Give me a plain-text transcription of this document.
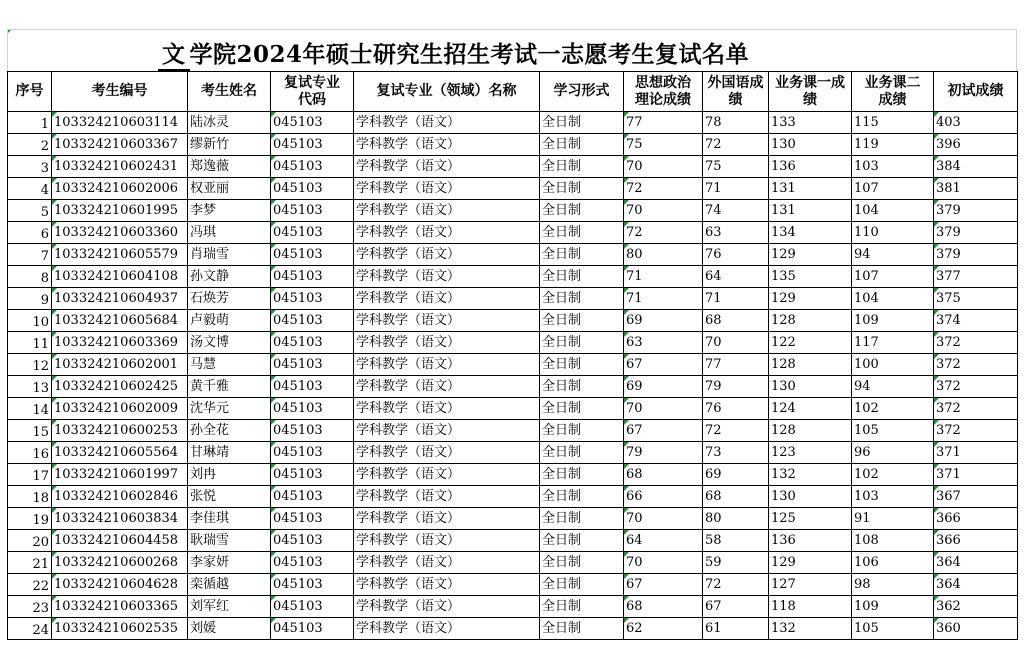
文 学院2024年硕士研究生招生考试一志愿考生复试名单
序号	考生编号	考生姓名	复试专业代码	复试专业（领域）名称	学习形式	思想政治理论成绩	外国语成绩	业务课一成绩	业务课二成绩	初试成绩
1	103324210603114	陆冰灵	045103	学科教学（语文）	全日制	77	78	133	115	403
2	103324210603367	缪新竹	045103	学科教学（语文）	全日制	75	72	130	119	396
3	103324210602431	郑逸薇	045103	学科教学（语文）	全日制	70	75	136	103	384
4	103324210602006	权亚丽	045103	学科教学（语文）	全日制	72	71	131	107	381
5	103324210601995	李梦	045103	学科教学（语文）	全日制	70	74	131	104	379
6	103324210603360	冯琪	045103	学科教学（语文）	全日制	72	63	134	110	379
7	103324210605579	肖瑞雪	045103	学科教学（语文）	全日制	80	76	129	94	379
8	103324210604108	孙文静	045103	学科教学（语文）	全日制	71	64	135	107	377
9	103324210604937	石焕芳	045103	学科教学（语文）	全日制	71	71	129	104	375
10	103324210605684	卢毅萌	045103	学科教学（语文）	全日制	69	68	128	109	374
11	103324210603369	汤文博	045103	学科教学（语文）	全日制	63	70	122	117	372
12	103324210602001	马慧	045103	学科教学（语文）	全日制	67	77	128	100	372
13	103324210602425	黄千雅	045103	学科教学（语文）	全日制	69	79	130	94	372
14	103324210602009	沈华元	045103	学科教学（语文）	全日制	70	76	124	102	372
15	103324210600253	孙全花	045103	学科教学（语文）	全日制	67	72	128	105	372
16	103324210605564	甘琳靖	045103	学科教学（语文）	全日制	79	73	123	96	371
17	103324210601997	刘冉	045103	学科教学（语文）	全日制	68	69	132	102	371
18	103324210602846	张悦	045103	学科教学（语文）	全日制	66	68	130	103	367
19	103324210603834	李佳琪	045103	学科教学（语文）	全日制	70	80	125	91	366
20	103324210604458	耿瑞雪	045103	学科教学（语文）	全日制	64	58	136	108	366
21	103324210600268	李家妍	045103	学科教学（语文）	全日制	70	59	129	106	364
22	103324210604628	栾循越	045103	学科教学（语文）	全日制	67	72	127	98	364
23	103324210603365	刘军红	045103	学科教学（语文）	全日制	68	67	118	109	362
24	103324210602535	刘媛	045103	学科教学（语文）	全日制	62	61	132	105	360
